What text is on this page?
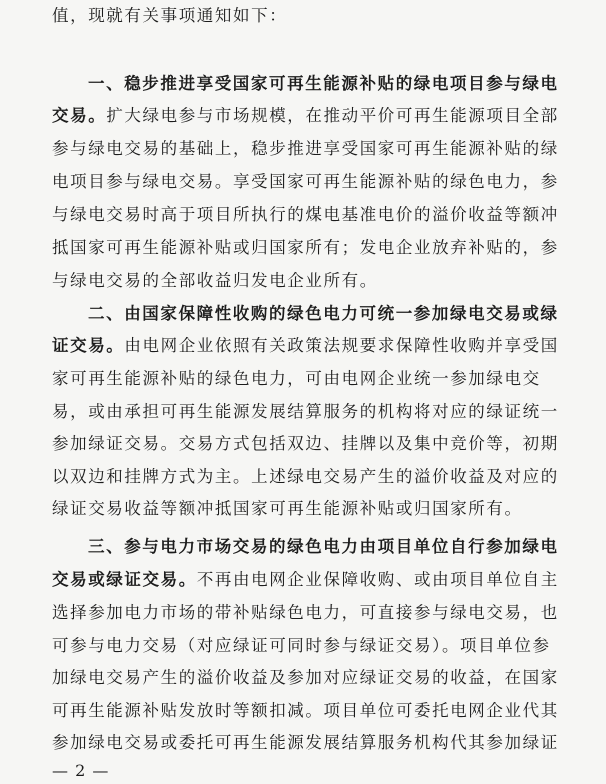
值，现就有关事项通知如下：
一、稳步推进享受国家可再生能源补贴的绿电项目参与绿电
交易。扩大绿电参与市场规模，在推动平价可再生能源项目全部
参与绿电交易的基础上，稳步推进享受国家可再生能源补贴的绿
电项目参与绿电交易。享受国家可再生能源补贴的绿色电力，参
与绿电交易时高于项目所执行的煤电基准电价的溢价收益等额冲
抵国家可再生能源补贴或归国家所有；发电企业放弃补贴的，参
与绿电交易的全部收益归发电企业所有。
二、由国家保障性收购的绿色电力可统一参加绿电交易或绿
证交易。由电网企业依照有关政策法规要求保障性收购并享受国
家可再生能源补贴的绿色电力，可由电网企业统一参加绿电交
易，或由承担可再生能源发展结算服务的机构将对应的绿证统一
参加绿证交易。交易方式包括双边、挂牌以及集中竞价等，初期
以双边和挂牌方式为主。上述绿电交易产生的溢价收益及对应的
绿证交易收益等额冲抵国家可再生能源补贴或归国家所有。
三、参与电力市场交易的绿色电力由项目单位自行参加绿电
交易或绿证交易。不再由电网企业保障收购、或由项目单位自主
选择参加电力市场的带补贴绿色电力，可直接参与绿电交易，也
可参与电力交易（对应绿证可同时参与绿证交易）。项目单位参
加绿电交易产生的溢价收益及参加对应绿证交易的收益，在国家
可再生能源补贴发放时等额扣减。项目单位可委托电网企业代其
参加绿电交易或委托可再生能源发展结算服务机构代其参加绿证
— 2 —
